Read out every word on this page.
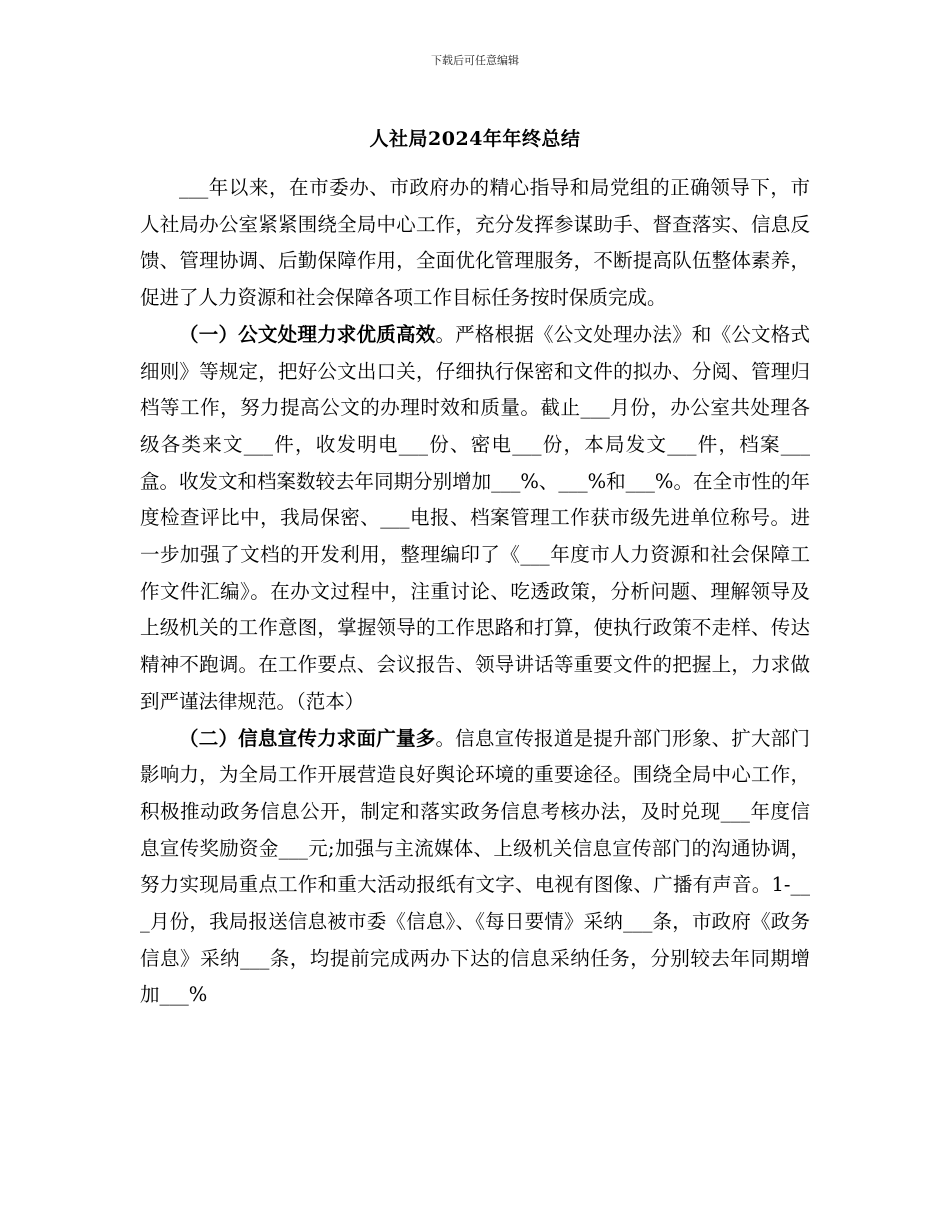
下载后可任意编辑
人社局2024年年终总结

___年以来，在市委办、市政府办的精心指导和局党组的正确领导下，市人社局办公室紧紧围绕全局中心工作，充分发挥参谋助手、督查落实、信息反馈、管理协调、后勤保障作用，全面优化管理服务，不断提高队伍整体素养，促进了人力资源和社会保障各项工作目标任务按时保质完成。

（一）公文处理力求优质高效。严格根据《公文处理办法》和《公文格式细则》等规定，把好公文出口关，仔细执行保密和文件的拟办、分阅、管理归档等工作，努力提高公文的办理时效和质量。截止___月份，办公室共处理各级各类来文___件，收发明电___份、密电___份，本局发文___件，档案___盒。收发文和档案数较去年同期分别增加___%、___%和___%。在全市性的年度检查评比中，我局保密、___电报、档案管理工作获市级先进单位称号。进一步加强了文档的开发利用，整理编印了《___年度市人力资源和社会保障工作文件汇编》。在办文过程中，注重讨论、吃透政策，分析问题、理解领导及上级机关的工作意图，掌握领导的工作思路和打算，使执行政策不走样、传达精神不跑调。在工作要点、会议报告、领导讲话等重要文件的把握上，力求做到严谨法律规范。（范本）

（二）信息宣传力求面广量多。信息宣传报道是提升部门形象、扩大部门影响力，为全局工作开展营造良好舆论环境的重要途径。围绕全局中心工作，积极推动政务信息公开，制定和落实政务信息考核办法，及时兑现___年度信息宣传奖励资金___元;加强与主流媒体、上级机关信息宣传部门的沟通协调，努力实现局重点工作和重大活动报纸有文字、电视有图像、广播有声音。1-___月份，我局报送信息被市委《信息》、《每日要情》采纳___条，市政府《政务信息》采纳___条，均提前完成两办下达的信息采纳任务，分别较去年同期增加___%
